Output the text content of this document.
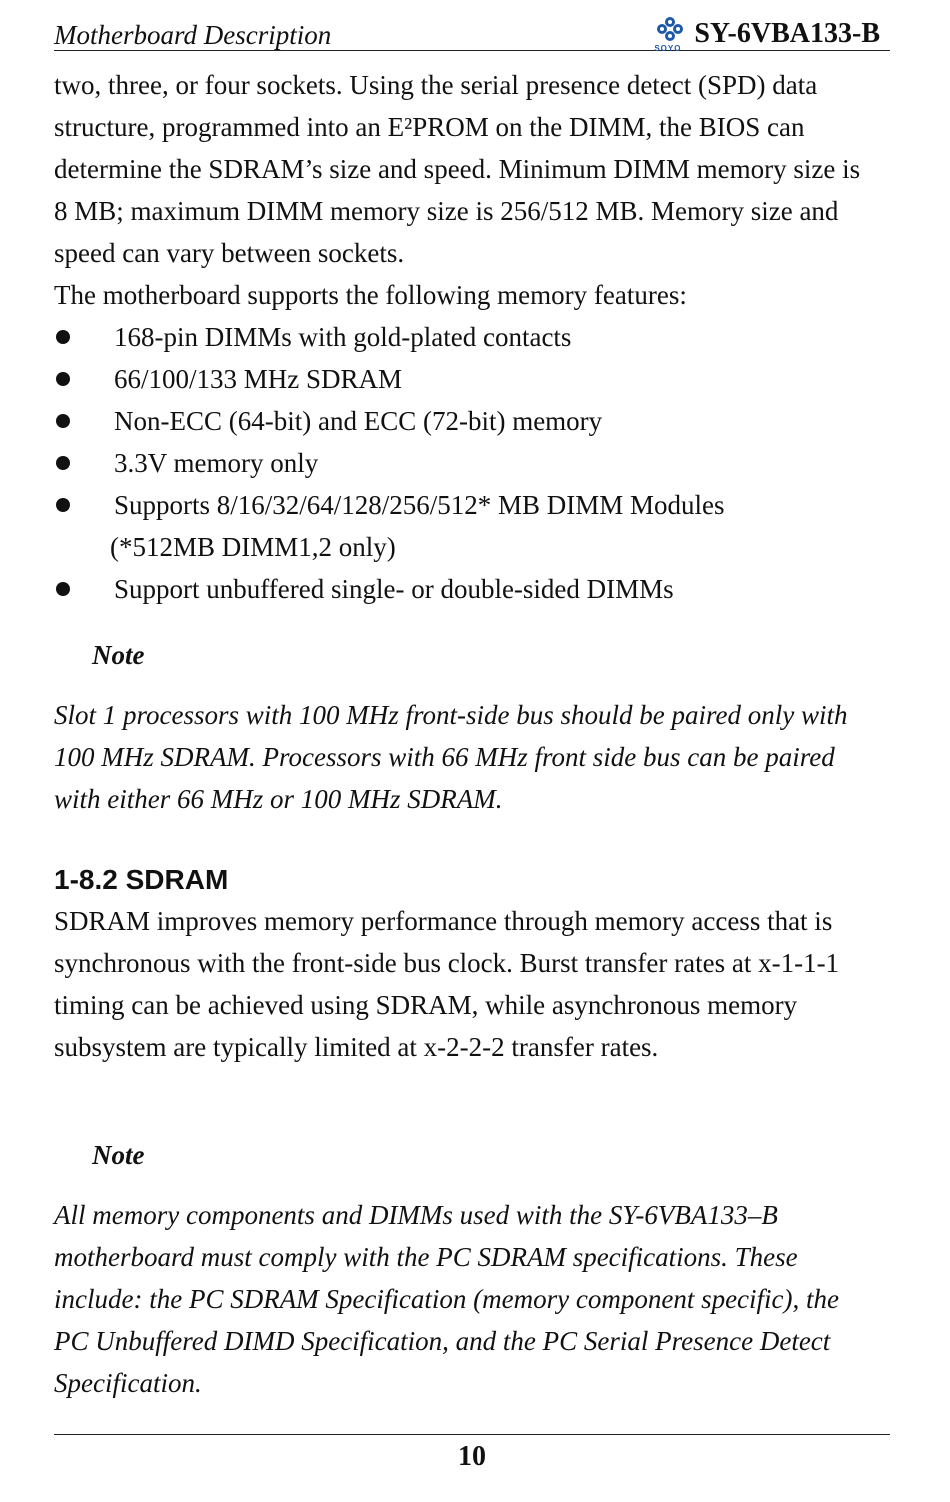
Motherboard Description	SOYO SY-6VBA133-B

two, three, or four sockets. Using the serial presence detect (SPD) data
structure, programmed into an E²PROM on the DIMM, the BIOS can
determine the SDRAM’s size and speed. Minimum DIMM memory size is
8 MB; maximum DIMM memory size is 256/512 MB. Memory size and
speed can vary between sockets.

The motherboard supports the following memory features:

168-pin DIMMs with gold-plated contacts
66/100/133 MHz SDRAM
Non-ECC (64-bit) and ECC (72-bit) memory
3.3V memory only
Supports 8/16/32/64/128/256/512* MB DIMM Modules
(*512MB DIMM1,2 only)
Support unbuffered single- or double-sided DIMMs
Note

Slot 1 processors with 100 MHz front-side bus should be paired only with
100 MHz SDRAM. Processors with 66 MHz front side bus can be paired
with either 66 MHz or 100 MHz SDRAM.

1-8.2 SDRAM

SDRAM improves memory performance through memory access that is
synchronous with the front-side bus clock. Burst transfer rates at x-1-1-1
timing can be achieved using SDRAM, while asynchronous memory
subsystem are typically limited at x-2-2-2 transfer rates.

Note

All memory components and DIMMs used with the SY-6VBA133–B
motherboard must comply with the PC SDRAM specifications. These
include: the PC SDRAM Specification (memory component specific), the
PC Unbuffered DIMD Specification, and the PC Serial Presence Detect
Specification.

10
